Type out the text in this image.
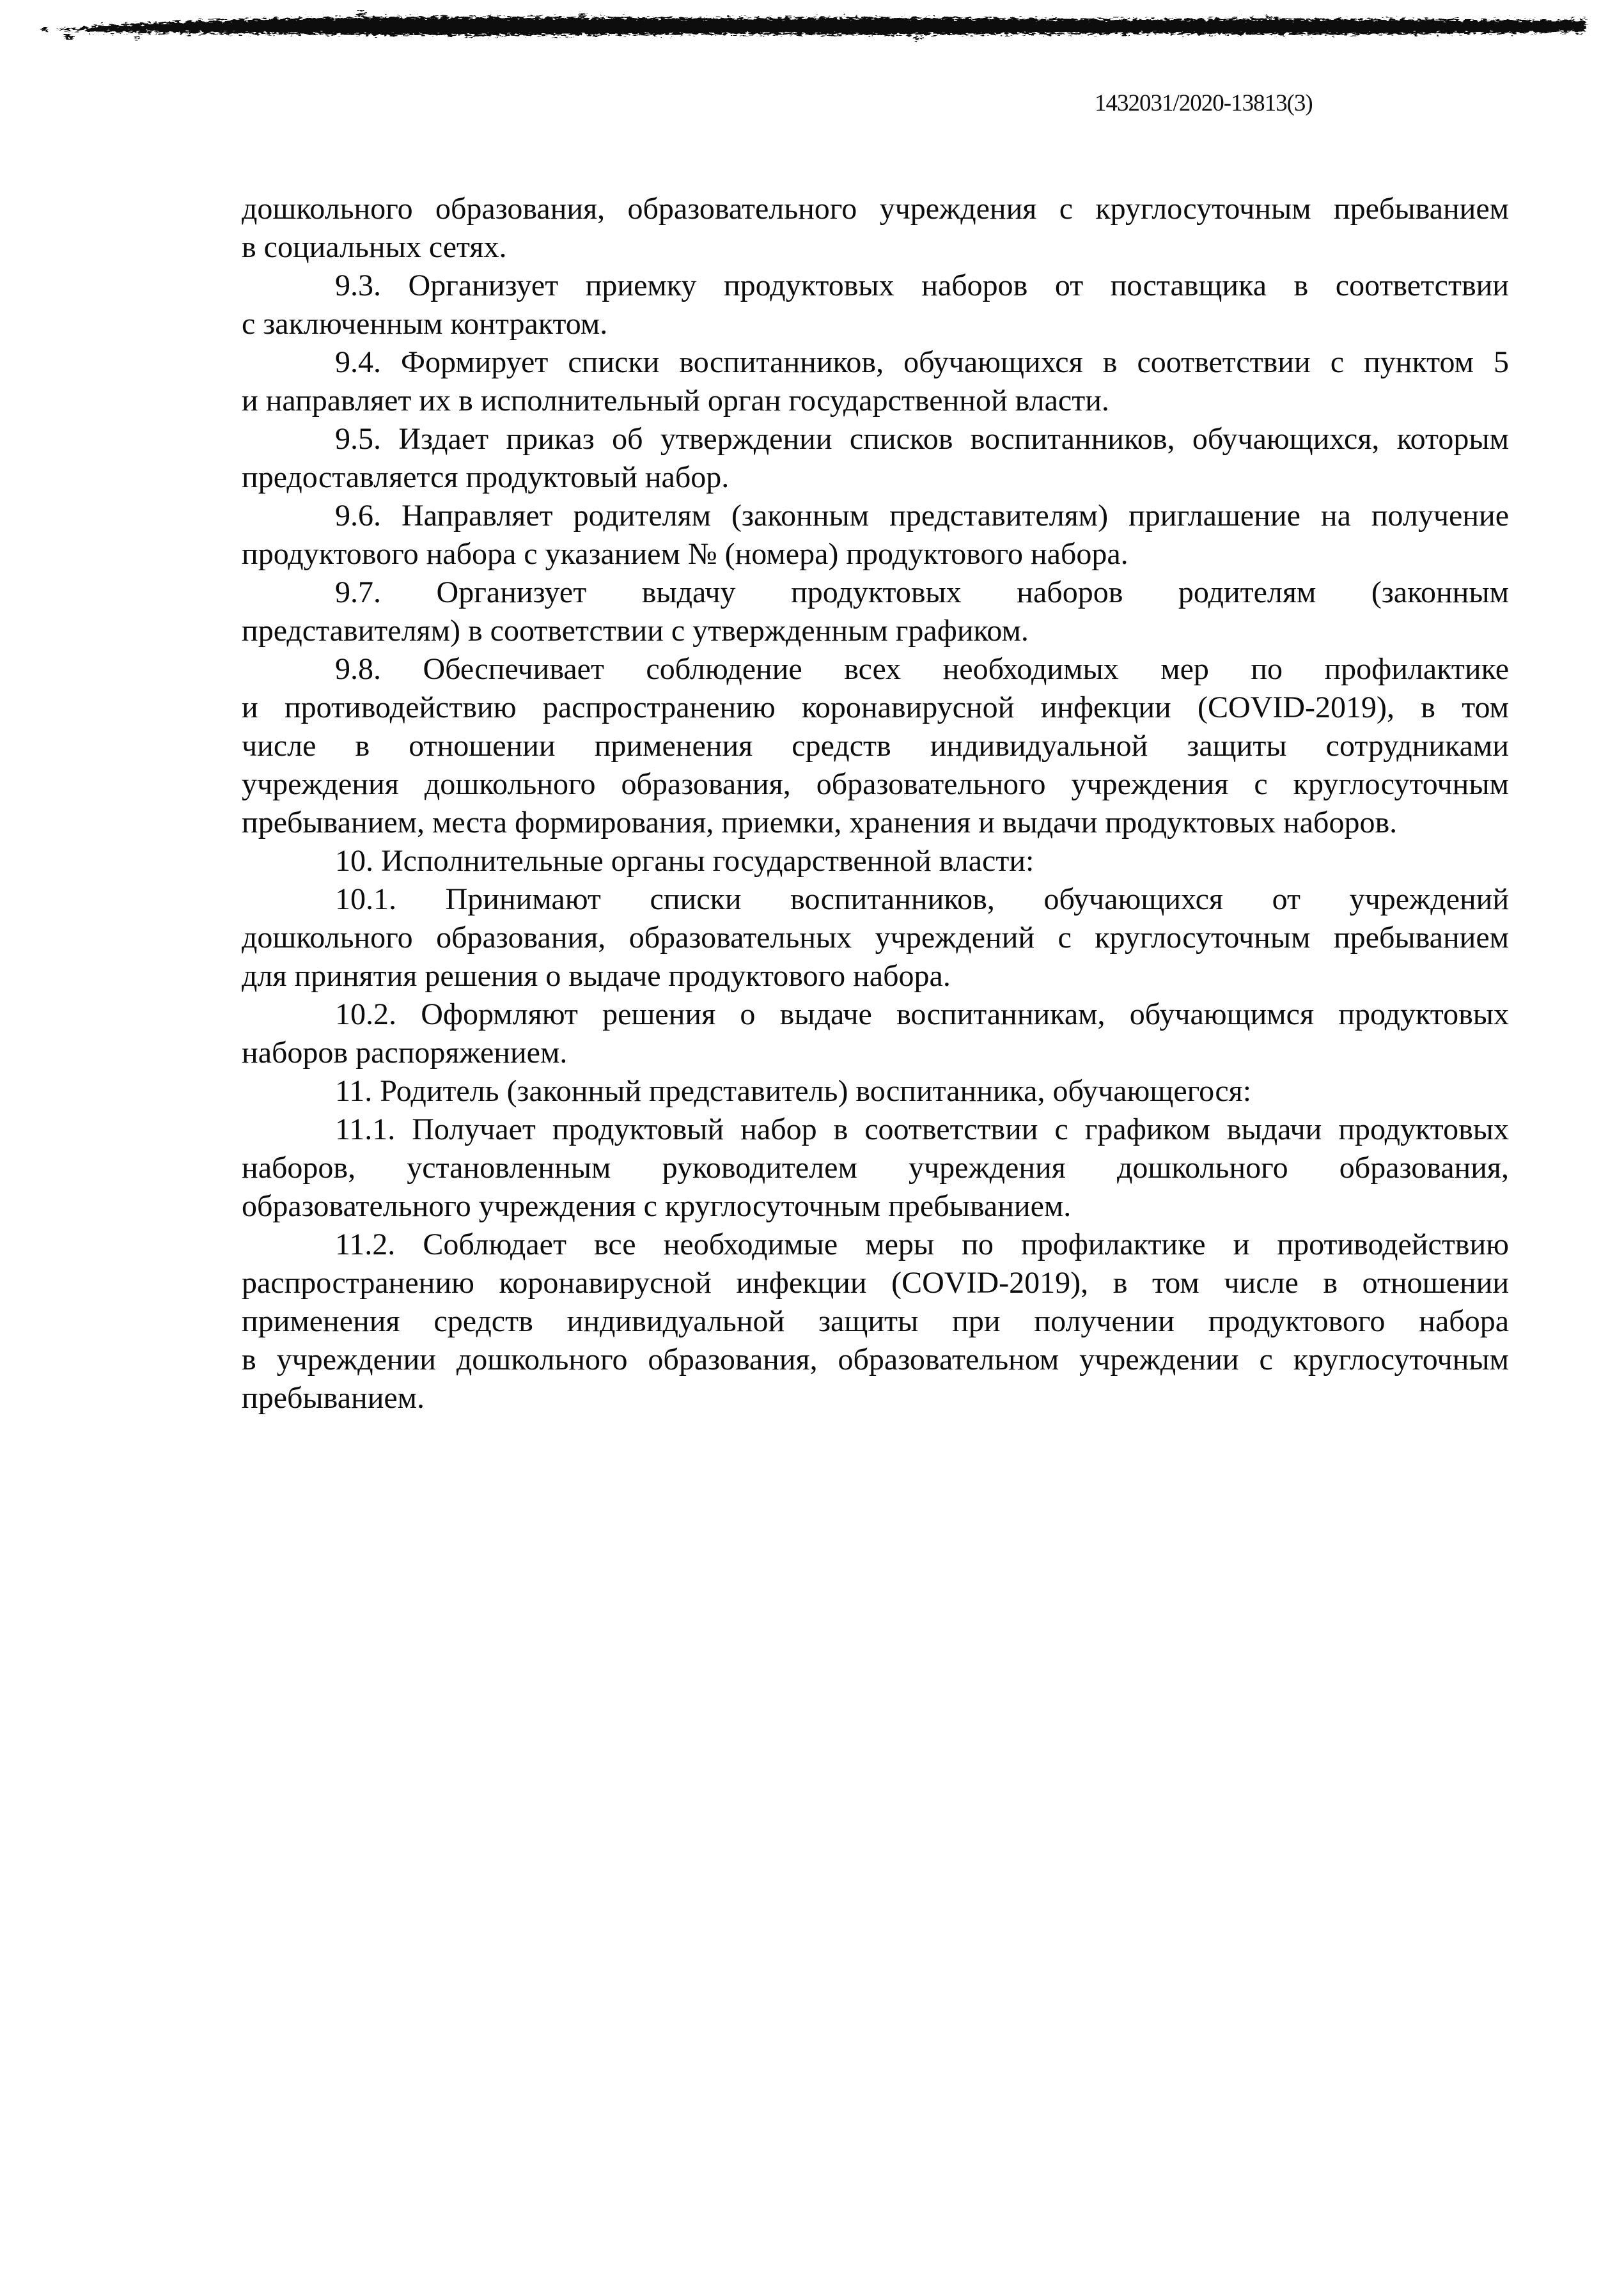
1432031/2020-13813(3)
дошкольного образования, образовательного учреждения с круглосуточным пребыванием
в социальных сетях.
9.3. Организует приемку продуктовых наборов от поставщика в соответствии
с заключенным контрактом.
9.4. Формирует списки воспитанников, обучающихся в соответствии с пунктом 5
и направляет их в исполнительный орган государственной власти.
9.5. Издает приказ об утверждении списков воспитанников, обучающихся, которым
предоставляется продуктовый набор.
9.6. Направляет родителям (законным представителям) приглашение на получение
продуктового набора с указанием № (номера) продуктового набора.
9.7. Организует выдачу продуктовых наборов родителям (законным
представителям) в соответствии с утвержденным графиком.
9.8. Обеспечивает соблюдение всех необходимых мер по профилактике
и противодействию распространению коронавирусной инфекции (COVID-2019), в том
числе в отношении применения средств индивидуальной защиты сотрудниками
учреждения дошкольного образования, образовательного учреждения с круглосуточным
пребыванием, места формирования, приемки, хранения и выдачи продуктовых наборов.
10. Исполнительные органы государственной власти:
10.1. Принимают списки воспитанников, обучающихся от учреждений
дошкольного образования, образовательных учреждений с круглосуточным пребыванием
для принятия решения о выдаче продуктового набора.
10.2. Оформляют решения о выдаче воспитанникам, обучающимся продуктовых
наборов распоряжением.
11. Родитель (законный представитель) воспитанника, обучающегося:
11.1. Получает продуктовый набор в соответствии с графиком выдачи продуктовых
наборов, установленным руководителем учреждения дошкольного образования,
образовательного учреждения с круглосуточным пребыванием.
11.2. Соблюдает все необходимые меры по профилактике и противодействию
распространению коронавирусной инфекции (COVID-2019), в том числе в отношении
применения средств индивидуальной защиты при получении продуктового набора
в учреждении дошкольного образования, образовательном учреждении с круглосуточным
пребыванием.
